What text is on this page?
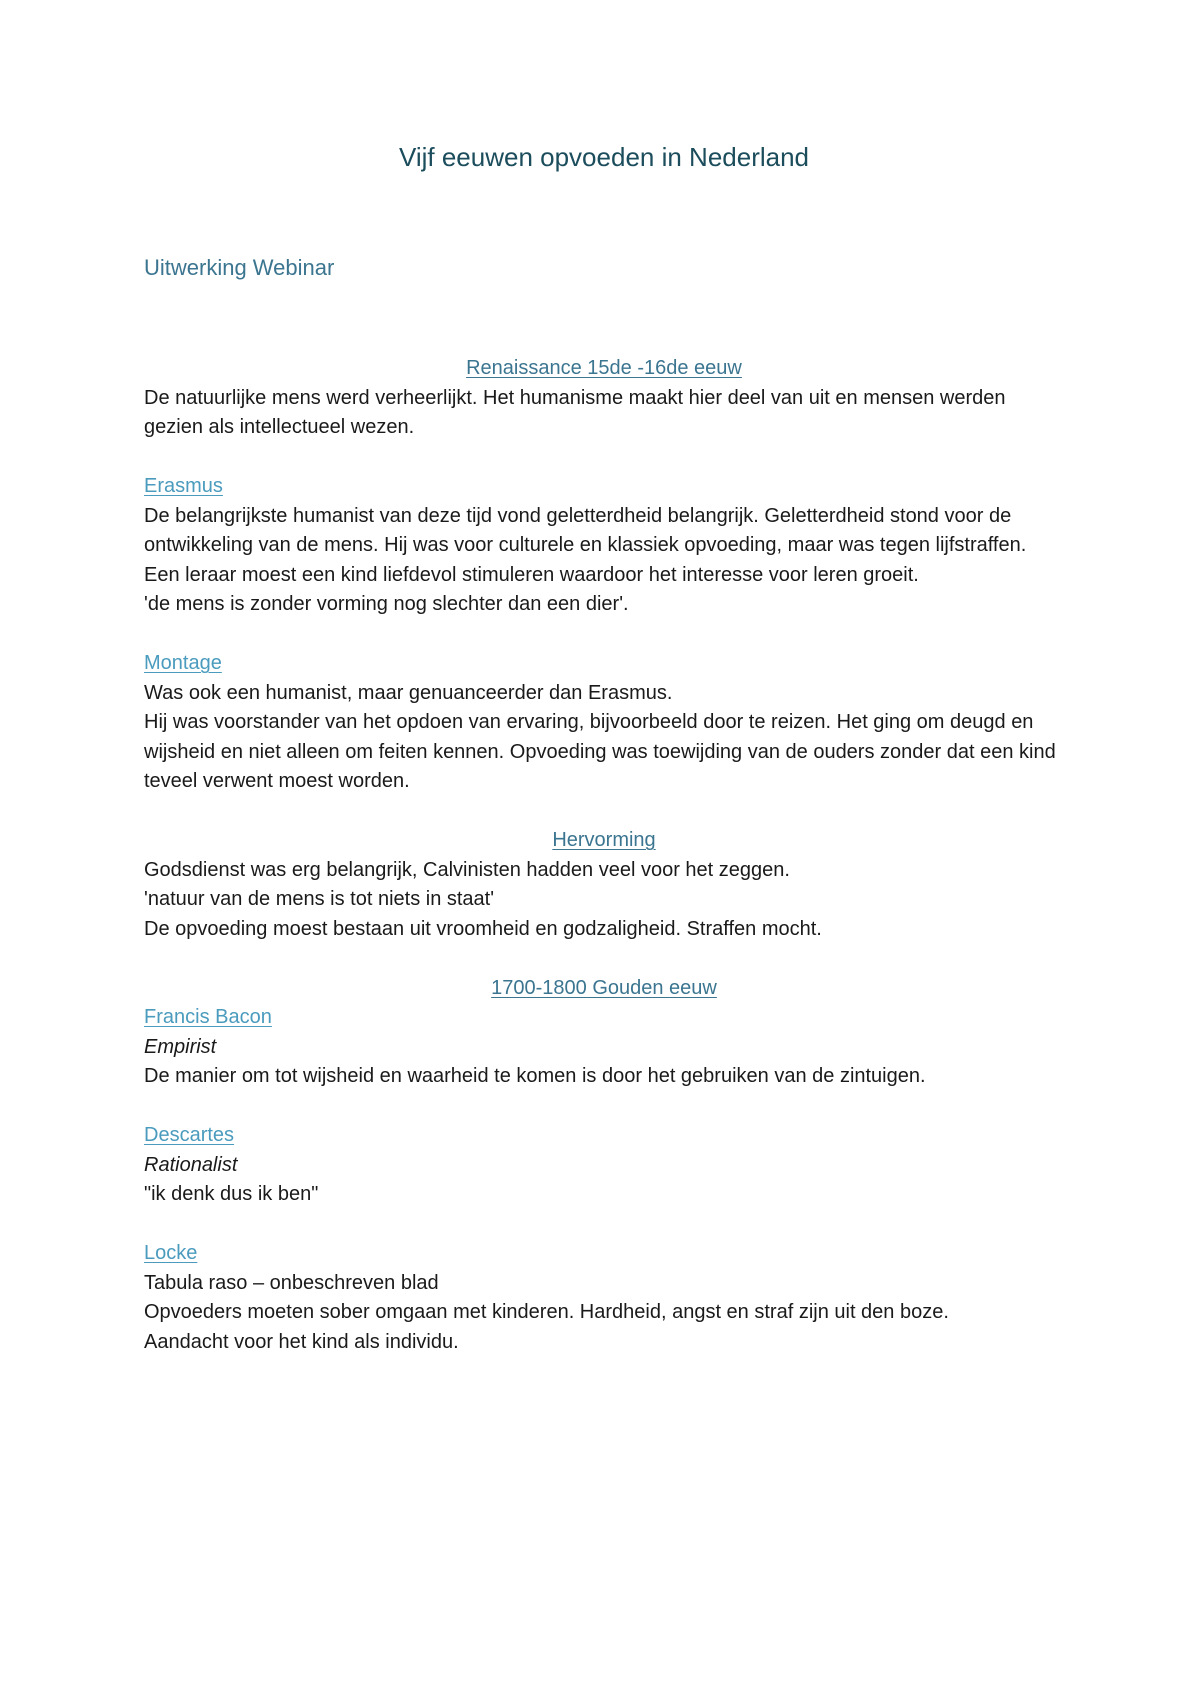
Vijf eeuwen opvoeden in Nederland
Uitwerking Webinar

Renaissance 15de -16de eeuw

De natuurlijke mens werd verheerlijkt. Het humanisme maakt hier deel van uit en mensen werden gezien als intellectueel wezen.

Erasmus

De belangrijkste humanist van deze tijd vond geletterdheid belangrijk. Geletterdheid stond voor de ontwikkeling van de mens. Hij was voor culturele en klassiek opvoeding, maar was tegen lijfstraffen.

Een leraar moest een kind liefdevol stimuleren waardoor het interesse voor leren groeit.

'de mens is zonder vorming nog slechter dan een dier'.

Montage

Was ook een humanist, maar genuanceerder dan Erasmus.

Hij was voorstander van het opdoen van ervaring, bijvoorbeeld door te reizen. Het ging om deugd en wijsheid en niet alleen om feiten kennen. Opvoeding was toewijding van de ouders zonder dat een kind teveel verwent moest worden.

Hervorming

Godsdienst was erg belangrijk, Calvinisten hadden veel voor het zeggen.

'natuur van de mens is tot niets in staat'

De opvoeding moest bestaan uit vroomheid en godzaligheid. Straffen mocht.

1700-1800 Gouden eeuw

Francis Bacon

Empirist

De manier om tot wijsheid en waarheid te komen is door het gebruiken van de zintuigen.

Descartes

Rationalist

"ik denk dus ik ben"

Locke

Tabula raso – onbeschreven blad

Opvoeders moeten sober omgaan met kinderen. Hardheid, angst en straf zijn uit den boze.

Aandacht voor het kind als individu.
